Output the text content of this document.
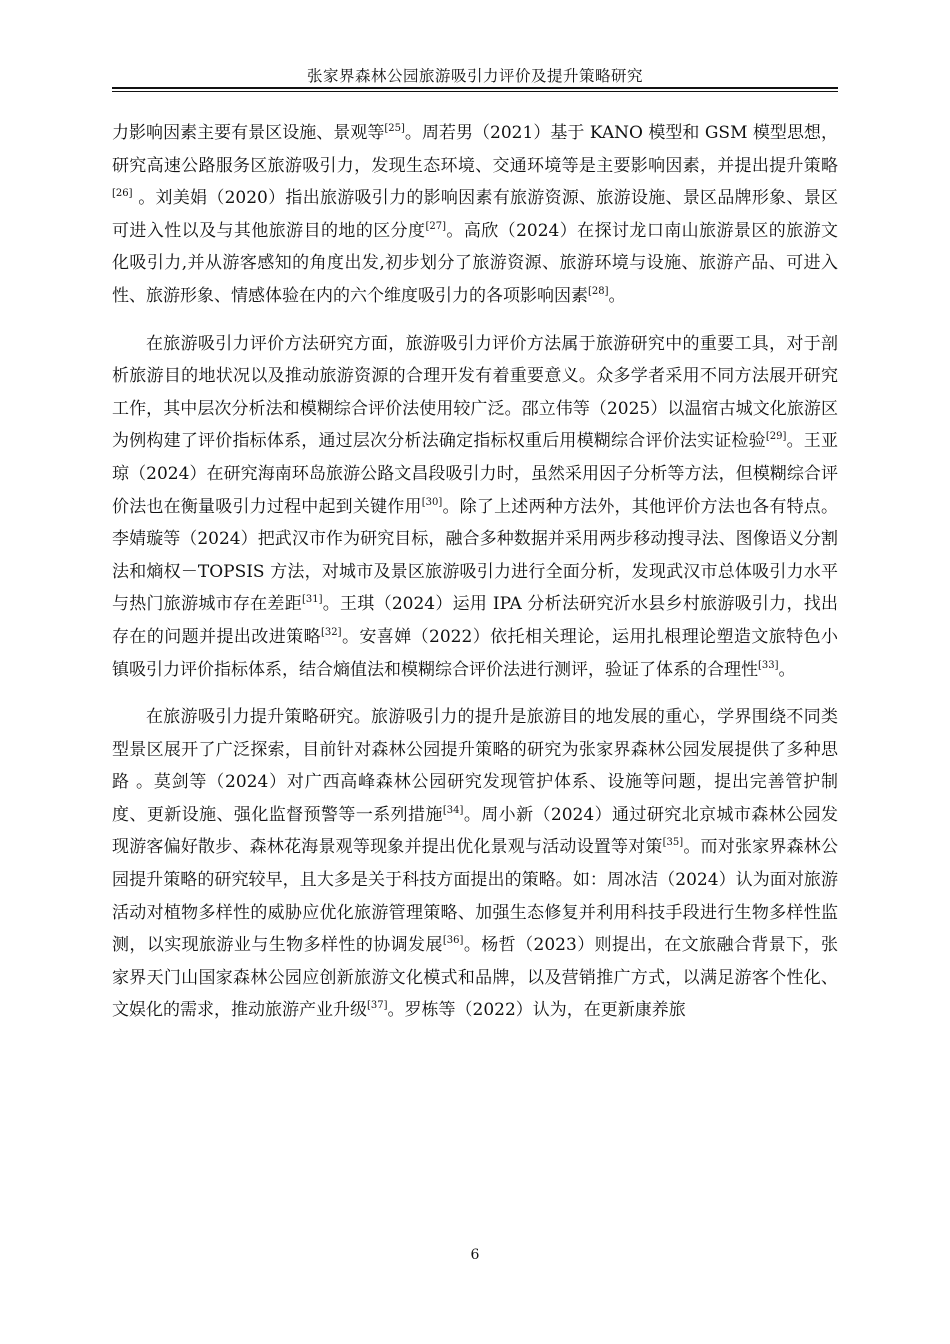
张家界森林公园旅游吸引力评价及提升策略研究

力影响因素主要有景区设施、景观等[25]。周若男（2021）基于 KANO 模型和 GSM 模型思想，研究高速公路服务区旅游吸引力，发现生态环境、交通环境等是主要影响因素，并提出提升策略[26] 。刘美娟（2020）指出旅游吸引力的影响因素有旅游资源、旅游设施、景区品牌形象、景区可进入性以及与其他旅游目的地的区分度[27]。高欣（2024）在探讨龙口南山旅游景区的旅游文化吸引力,并从游客感知的角度出发,初步划分了旅游资源、旅游环境与设施、旅游产品、可进入性、旅游形象、情感体验在内的六个维度吸引力的各项影响因素[28]。

在旅游吸引力评价方法研究方面，旅游吸引力评价方法属于旅游研究中的重要工具，对于剖析旅游目的地状况以及推动旅游资源的合理开发有着重要意义。众多学者采用不同方法展开研究工作，其中层次分析法和模糊综合评价法使用较广泛。邵立伟等（2025）以温宿古城文化旅游区为例构建了评价指标体系，通过层次分析法确定指标权重后用模糊综合评价法实证检验[29]。王亚琼（2024）在研究海南环岛旅游公路文昌段吸引力时，虽然采用因子分析等方法，但模糊综合评价法也在衡量吸引力过程中起到关键作用[30]。除了上述两种方法外，其他评价方法也各有特点。李婧璇等（2024）把武汉市作为研究目标，融合多种数据并采用两步移动搜寻法、图像语义分割法和熵权－TOPSIS 方法，对城市及景区旅游吸引力进行全面分析，发现武汉市总体吸引力水平与热门旅游城市存在差距[31]。王琪（2024）运用 IPA 分析法研究沂水县乡村旅游吸引力，找出存在的问题并提出改进策略[32]。安喜婵（2022）依托相关理论，运用扎根理论塑造文旅特色小镇吸引力评价指标体系，结合熵值法和模糊综合评价法进行测评，验证了体系的合理性[33]。

在旅游吸引力提升策略研究。旅游吸引力的提升是旅游目的地发展的重心，学界围绕不同类型景区展开了广泛探索，目前针对森林公园提升策略的研究为张家界森林公园发展提供了多种思路 。莫剑等（2024）对广西高峰森林公园研究发现管护体系、设施等问题，提出完善管护制度、更新设施、强化监督预警等一系列措施[34]。周小新（2024）通过研究北京城市森林公园发现游客偏好散步、森林花海景观等现象并提出优化景观与活动设置等对策[35]。而对张家界森林公园提升策略的研究较早，且大多是关于科技方面提出的策略。如：周冰洁（2024）认为面对旅游活动对植物多样性的威胁应优化旅游管理策略、加强生态修复并利用科技手段进行生物多样性监测，以实现旅游业与生物多样性的协调发展[36]。杨哲（2023）则提出，在文旅融合背景下，张家界天门山国家森林公园应创新旅游文化模式和品牌，以及营销推广方式，以满足游客个性化、文娱化的需求，推动旅游产业升级[37]。罗栋等（2022）认为，在更新康养旅

6
